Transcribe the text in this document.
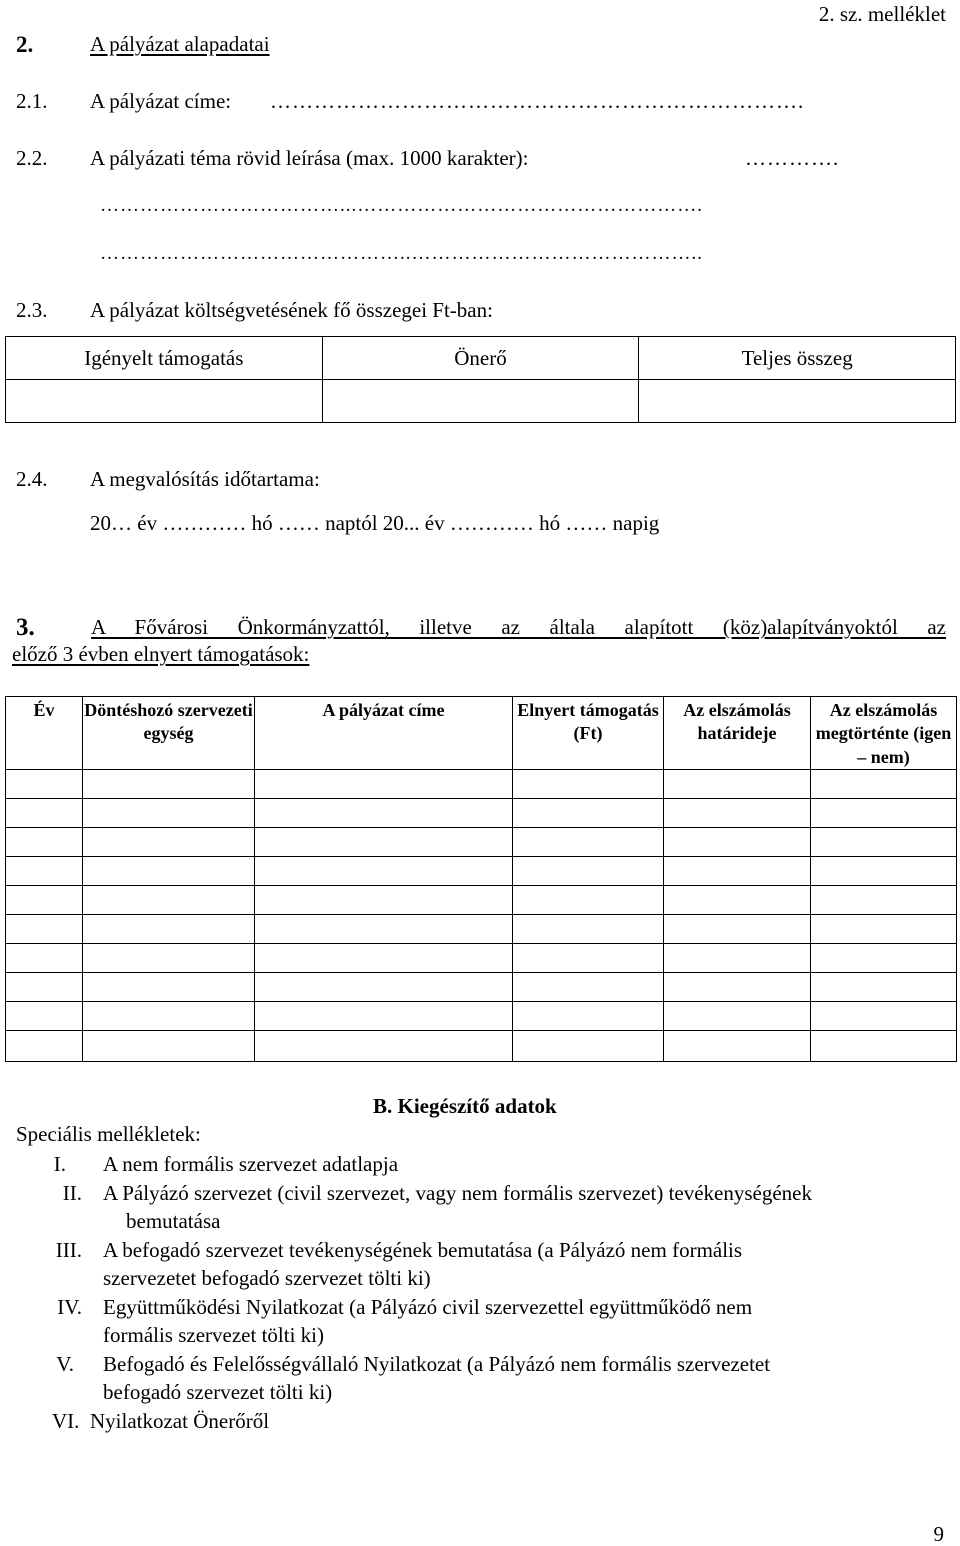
2. sz. melléklet
2.	A pályázat alapadatai
2.1. A pályázat címe: ……………………………………………………………….
2.2. A pályázati téma rövid leírása (max. 1000 karakter):	………….
………………………………...…………………………………………….
………………………………………..……………………………………..
2.3. A pályázat költségvetésének fő összegei Ft-ban:
Igényelt támogatás	Önerő	Teljes összeg

2.4. A megvalósítás időtartama:
20… év ………… hó …… naptól 20... év ………… hó …… napig
3.	A Fővárosi Önkormányzattól, illetve az általa alapított (köz)alapítványoktól az
előző 3 évben elnyert támogatások:
Év	Döntéshozó szervezeti egység	A pályázat címe	Elnyert támogatás (Ft)	Az elszámolás határideje	Az elszámolás megtörténte (igen – nem)

B. Kiegészítő adatok
Speciális mellékletek:
I. A nem formális szervezet adatlapja
II. A Pályázó szervezet (civil szervezet, vagy nem formális szervezet) tevékenységének
bemutatása
III. A befogadó szervezet tevékenységének bemutatása (a Pályázó nem formális
szervezetet befogadó szervezet tölti ki)
IV. Együttműködési Nyilatkozat (a Pályázó civil szervezettel együttműködő nem
formális szervezet tölti ki)
V. Befogadó és Felelősségvállaló Nyilatkozat (a Pályázó nem formális szervezetet
befogadó szervezet tölti ki)
VI. Nyilatkozat Önerőről
9
